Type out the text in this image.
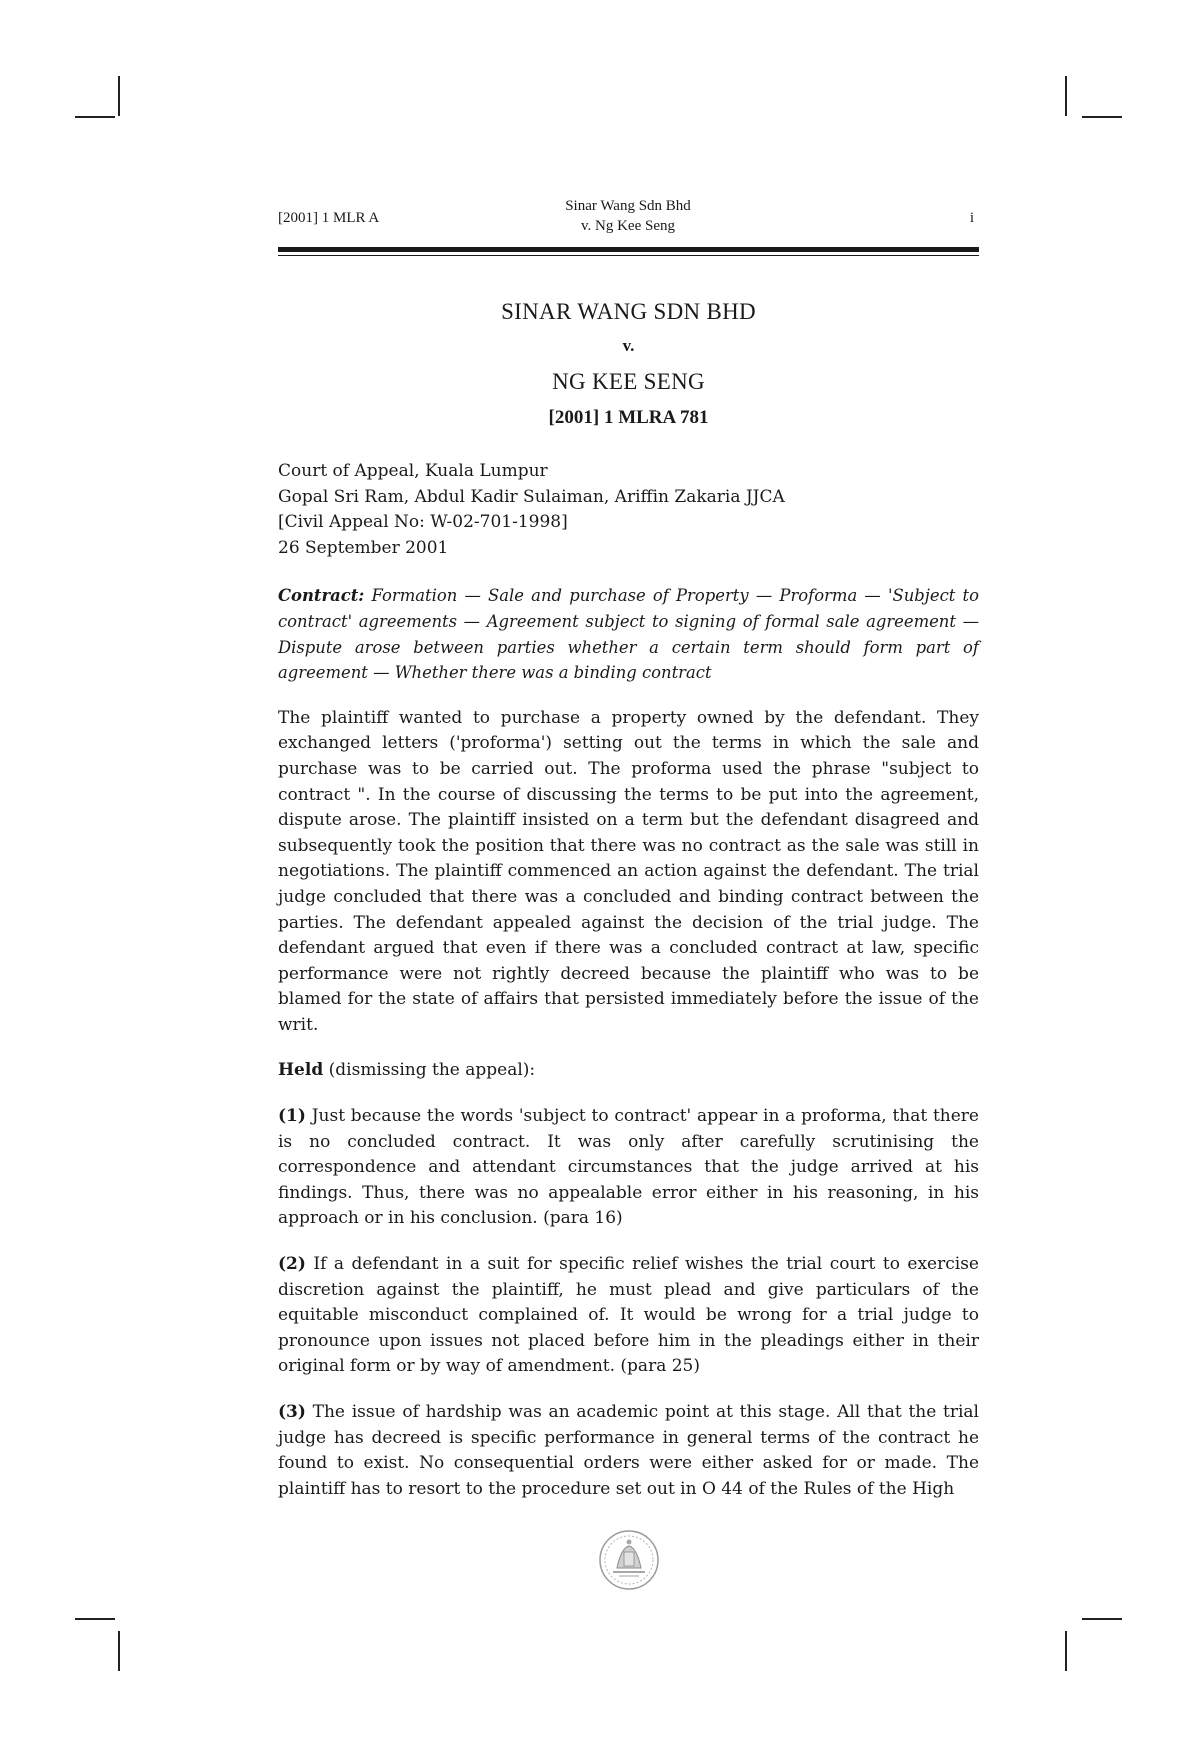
[2001] 1 MLR A
Sinar Wang Sdn Bhd
v. Ng Kee Seng	i
SINAR WANG SDN BHD
v.
NG KEE SENG
[2001] 1 MLRA 781
Court of Appeal, Kuala Lumpur
Gopal Sri Ram, Abdul Kadir Sulaiman, Ariffin Zakaria JJCA
[Civil Appeal No: W-02-701-1998]
26 September 2001

Contract: Formation — Sale and purchase of Property — Proforma — 'Subject to contract' agreements — Agreement subject to signing of formal sale agreement — Dispute arose between parties whether a certain term should form part of agreement — Whether there was a binding contract

The plaintiff wanted to purchase a property owned by the defendant. They exchanged letters ('proforma') setting out the terms in which the sale and purchase was to be carried out. The proforma used the phrase "subject to contract ". In the course of discussing the terms to be put into the agreement, dispute arose. The plaintiff insisted on a term but the defendant disagreed and subsequently took the position that there was no contract as the sale was still in negotiations. The plaintiff commenced an action against the defendant. The trial judge concluded that there was a concluded and binding contract between the parties. The defendant appealed against the decision of the trial judge. The defendant argued that even if there was a concluded contract at law, specific performance were not rightly decreed because the plaintiff who was to be blamed for the state of affairs that persisted immediately before the issue of the writ.

Held (dismissing the appeal):

(1) Just because the words 'subject to contract' appear in a proforma, that there is no concluded contract. It was only after carefully scrutinising the correspondence and attendant circumstances that the judge arrived at his findings. Thus, there was no appealable error either in his reasoning, in his approach or in his conclusion. (para 16)

(2) If a defendant in a suit for specific relief wishes the trial court to exercise discretion against the plaintiff, he must plead and give particulars of the equitable misconduct complained of. It would be wrong for a trial judge to pronounce upon issues not placed before him in the pleadings either in their original form or by way of amendment. (para 25)

(3) The issue of hardship was an academic point at this stage. All that the trial judge has decreed is specific performance in general terms of the contract he found to exist. No consequential orders were either asked for or made. The plaintiff has to resort to the procedure set out in O 44 of the Rules of the High
